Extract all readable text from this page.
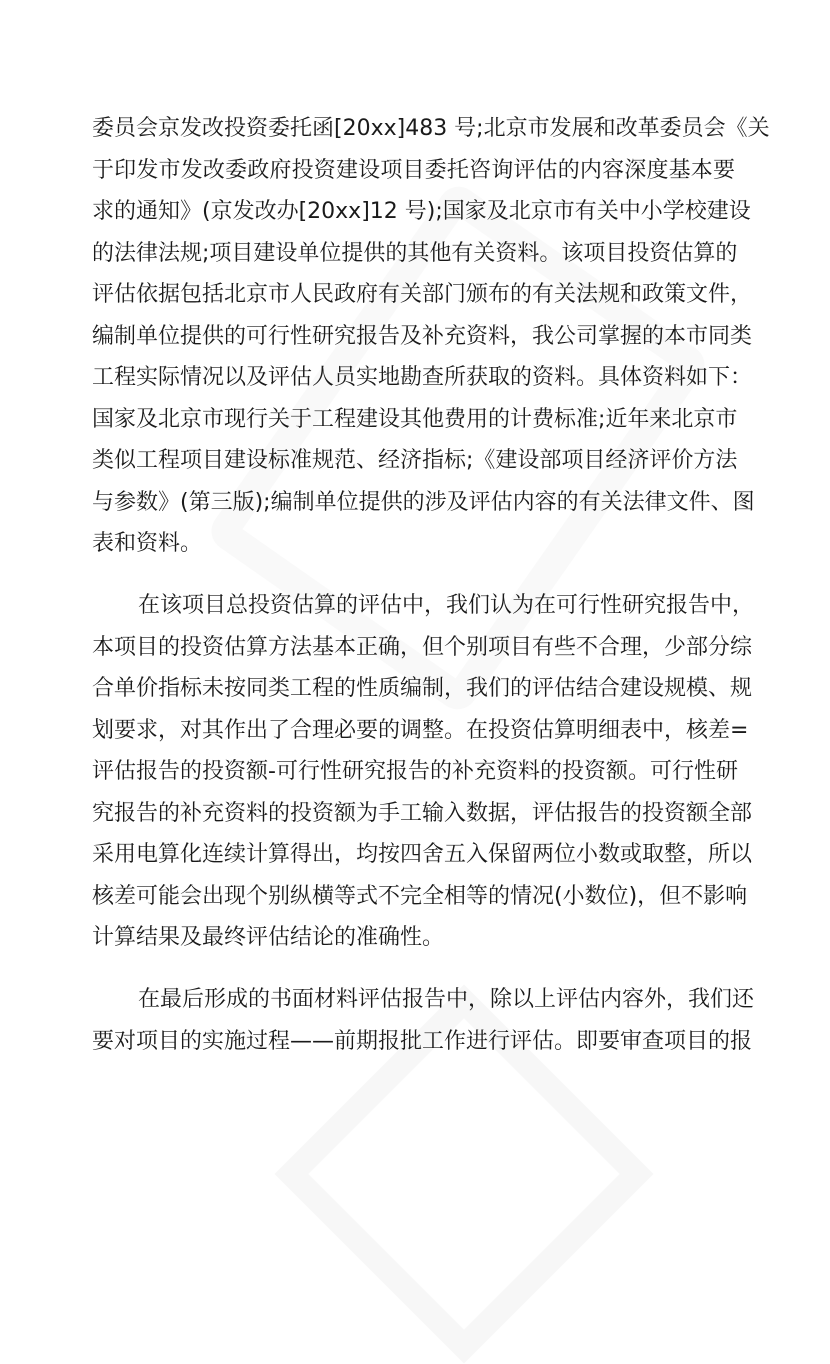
委员会京发改投资委托函[20xx]483 号;北京市发展和改革委员会《关
于印发市发改委政府投资建设项目委托咨询评估的内容深度基本要
求的通知》(京发改办[20xx]12 号);国家及北京市有关中小学校建设
的法律法规;项目建设单位提供的其他有关资料。该项目投资估算的
评估依据包括北京市人民政府有关部门颁布的有关法规和政策文件，
编制单位提供的可行性研究报告及补充资料，我公司掌握的本市同类
工程实际情况以及评估人员实地勘查所获取的资料。具体资料如下：
国家及北京市现行关于工程建设其他费用的计费标准;近年来北京市
类似工程项目建设标准规范、经济指标;《建设部项目经济评价方法
与参数》(第三版);编制单位提供的涉及评估内容的有关法律文件、图
表和资料。
在该项目总投资估算的评估中，我们认为在可行性研究报告中，
本项目的投资估算方法基本正确，但个别项目有些不合理，少部分综
合单价指标未按同类工程的性质编制，我们的评估结合建设规模、规
划要求，对其作出了合理必要的调整。在投资估算明细表中，核差=
评估报告的投资额-可行性研究报告的补充资料的投资额。可行性研
究报告的补充资料的投资额为手工输入数据，评估报告的投资额全部
采用电算化连续计算得出，均按四舍五入保留两位小数或取整，所以
核差可能会出现个别纵横等式不完全相等的情况(小数位)，但不影响
计算结果及最终评估结论的准确性。
在最后形成的书面材料评估报告中，除以上评估内容外，我们还
要对项目的实施过程——前期报批工作进行评估。即要审查项目的报
